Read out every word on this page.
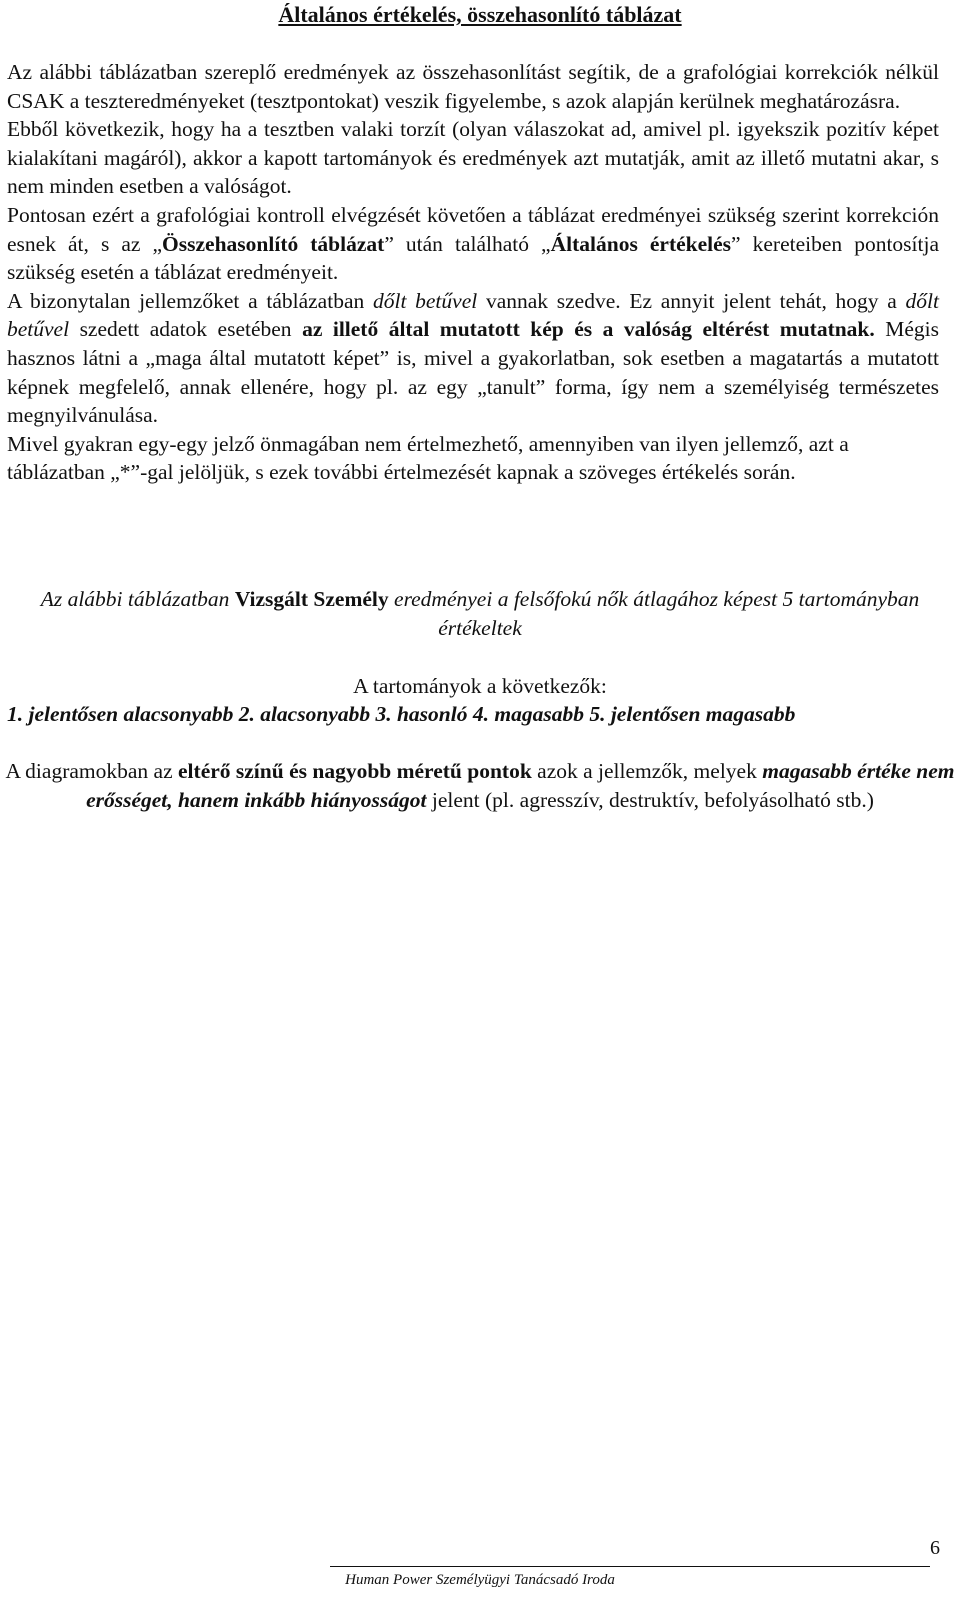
Általános értékelés, összehasonlító táblázat

Az alábbi táblázatban szereplő eredmények az összehasonlítást segítik, de a grafológiai korrekciók nélkül CSAK a teszteredményeket (tesztpontokat) veszik figyelembe, s azok alapján kerülnek meghatározásra.

Ebből következik, hogy ha a tesztben valaki torzít (olyan válaszokat ad, amivel pl. igyekszik pozitív képet kialakítani magáról), akkor a kapott tartományok és eredmények azt mutatják, amit az illető mutatni akar, s nem minden esetben a valóságot.

Pontosan ezért a grafológiai kontroll elvégzését követően a táblázat eredményei szükség szerint korrekción esnek át, s az „Összehasonlító táblázat” után található „Általános értékelés” kereteiben pontosítja szükség esetén a táblázat eredményeit.

A bizonytalan jellemzőket a táblázatban dőlt betűvel vannak szedve. Ez annyit jelent tehát, hogy a dőlt betűvel szedett adatok esetében az illető által mutatott kép és a valóság eltérést mutatnak. Mégis hasznos látni a „maga által mutatott képet” is, mivel a gyakorlatban, sok esetben a magatartás a mutatott képnek megfelelő, annak ellenére, hogy pl. az egy „tanult” forma, így nem a személyiség természetes megnyilvánulása.

Mivel gyakran egy-egy jelző önmagában nem értelmezhető, amennyiben van ilyen jellemző, azt a táblázatban „*”-gal jelöljük, s ezek további értelmezését kapnak a szöveges értékelés során.

Az alábbi táblázatban Vizsgált Személy eredményei a felsőfokú nők átlagához képest 5 tartományban értékeltek
A tartományok a következők:
1. jelentősen alacsonyabb 2. alacsonyabb 3. hasonló 4. magasabb 5. jelentősen magasabb
A diagramokban az eltérő színű és nagyobb méretű pontok azok a jellemzők, melyek magasabb értéke nem erősséget, hanem inkább hiányosságot jelent (pl. agresszív, destruktív, befolyásolható stb.)
6
Human Power Személyügyi Tanácsadó Iroda
